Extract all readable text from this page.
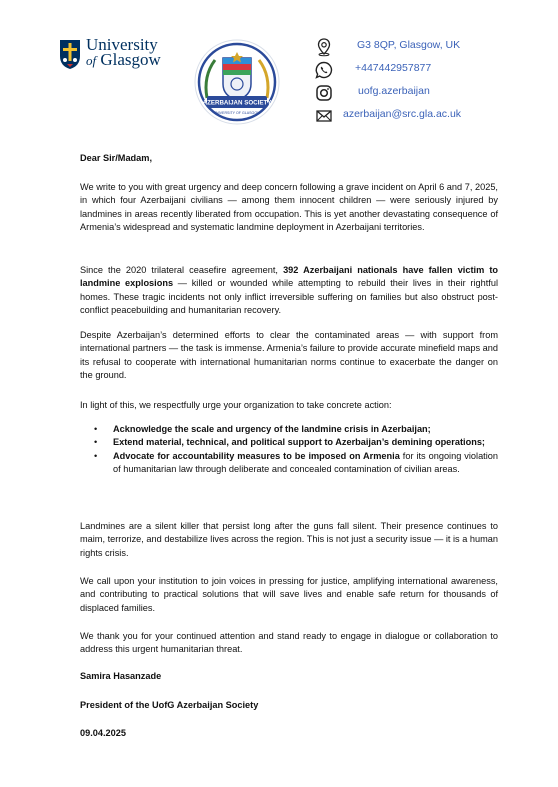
University
of Glasgow
AZERBAIJAN SOCIETY
UNIVERSITY OF GLASGOW
G3 8QP, Glasgow, UK
+447442957877
uofg.azerbaijan
azerbaijan@src.gla.ac.uk
Dear Sir/Madam,

We write to you with great urgency and deep concern following a grave incident on April 6 and 7, 2025, in which four Azerbaijani civilians — among them innocent children — were seriously injured by landmines in areas recently liberated from occupation. This is yet another devastating consequence of Armenia’s widespread and systematic landmine deployment in Azerbaijani territories.

Since the 2020 trilateral ceasefire agreement, 392 Azerbaijani nationals have fallen victim to landmine explosions — killed or wounded while attempting to rebuild their lives in their rightful homes. These tragic incidents not only inflict irreversible suffering on families but also obstruct post-conflict peacebuilding and humanitarian recovery.

Despite Azerbaijan’s determined efforts to clear the contaminated areas — with support from international partners — the task is immense. Armenia’s failure to provide accurate minefield maps and its refusal to cooperate with international humanitarian norms continue to exacerbate the danger on the ground.

In light of this, we respectfully urge your organization to take concrete action:

• Acknowledge the scale and urgency of the landmine crisis in Azerbaijan;
• Extend material, technical, and political support to Azerbaijan’s demining operations;
• Advocate for accountability measures to be imposed on Armenia for its ongoing violation of humanitarian law through deliberate and concealed contamination of civilian areas.

Landmines are a silent killer that persist long after the guns fall silent. Their presence continues to maim, terrorize, and destabilize lives across the region. This is not just a security issue — it is a human rights crisis.

We call upon your institution to join voices in pressing for justice, amplifying international awareness, and contributing to practical solutions that will save lives and enable safe return for thousands of displaced families.

We thank you for your continued attention and stand ready to engage in dialogue or collaboration to address this urgent humanitarian threat.

Samira Hasanzade
President of the UofG Azerbaijan Society
09.04.2025
